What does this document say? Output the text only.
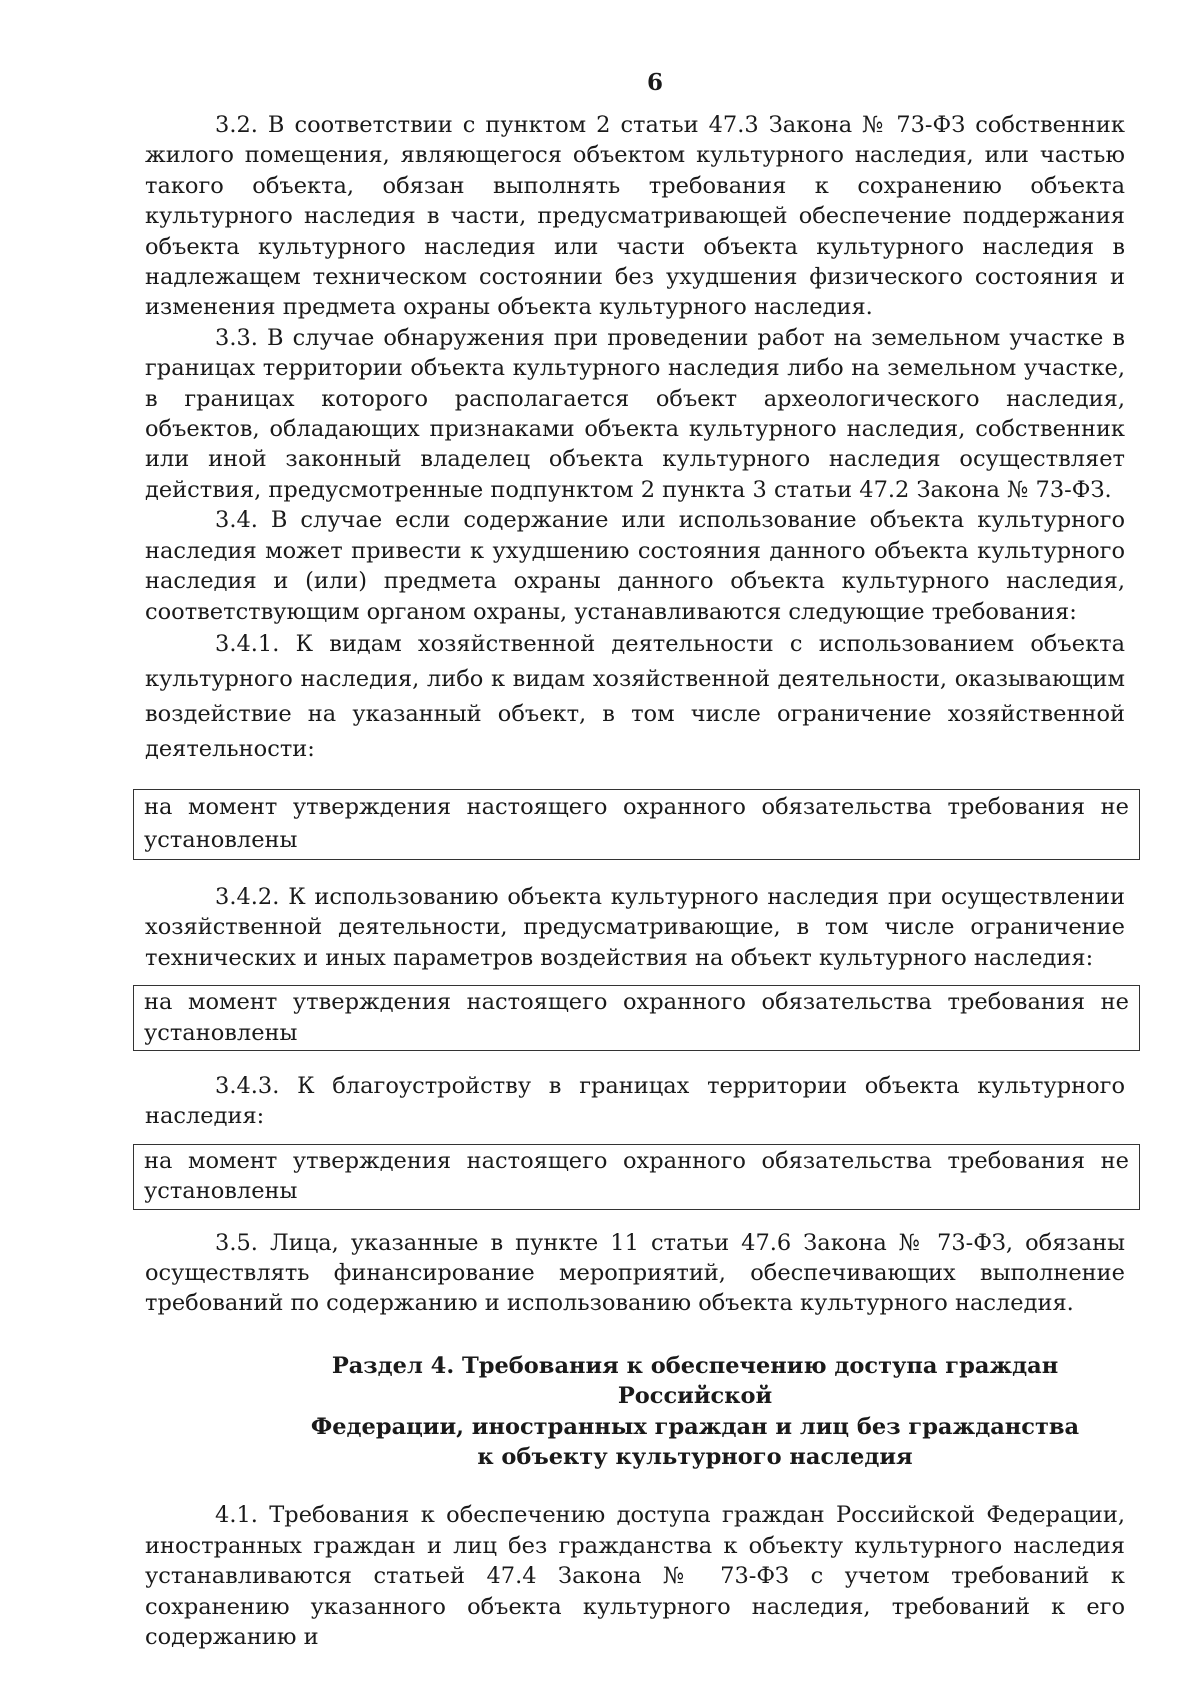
6

3.2. В соответствии с пунктом 2 статьи 47.3 Закона № 73-ФЗ собственник жилого помещения, являющегося объектом культурного наследия, или частью такого объекта, обязан выполнять требования к сохранению объекта культурного наследия в части, предусматривающей обеспечение поддержания объекта культурного наследия или части объекта культурного наследия в надлежащем техническом состоянии без ухудшения физического состояния и изменения предмета охраны объекта культурного наследия.

3.3. В случае обнаружения при проведении работ на земельном участке в границах территории объекта культурного наследия либо на земельном участке, в границах которого располагается объект археологического наследия, объектов, обладающих признаками объекта культурного наследия, собственник или иной законный владелец объекта культурного наследия осуществляет действия, предусмотренные подпунктом 2 пункта 3 статьи 47.2 Закона № 73-ФЗ.

3.4. В случае если содержание или использование объекта культурного наследия может привести к ухудшению состояния данного объекта культурного наследия и (или) предмета охраны данного объекта культурного наследия, соответствующим органом охраны, устанавливаются следующие требования:

3.4.1. К видам хозяйственной деятельности с использованием объекта культурного наследия, либо к видам хозяйственной деятельности, оказывающим воздействие на указанный объект, в том числе ограничение хозяйственной деятельности:

на момент утверждения настоящего охранного обязательства требования не установлены

3.4.2. К использованию объекта культурного наследия при осуществлении хозяйственной деятельности, предусматривающие, в том числе ограничение технических и иных параметров воздействия на объект культурного наследия:

на момент утверждения настоящего охранного обязательства требования не установлены

3.4.3. К благоустройству в границах территории объекта культурного наследия:

на момент утверждения настоящего охранного обязательства требования не установлены

3.5. Лица, указанные в пункте 11 статьи 47.6 Закона № 73-ФЗ, обязаны осуществлять финансирование мероприятий, обеспечивающих выполнение требований по содержанию и использованию объекта культурного наследия.

Раздел 4. Требования к обеспечению доступа граждан Российской
Федерации, иностранных граждан и лиц без гражданства
к объекту культурного наследия

4.1. Требования к обеспечению доступа граждан Российской Федерации, иностранных граждан и лиц без гражданства к объекту культурного наследия устанавливаются статьей 47.4 Закона № 73-ФЗ с учетом требований к сохранению указанного объекта культурного наследия, требований к его содержанию и
